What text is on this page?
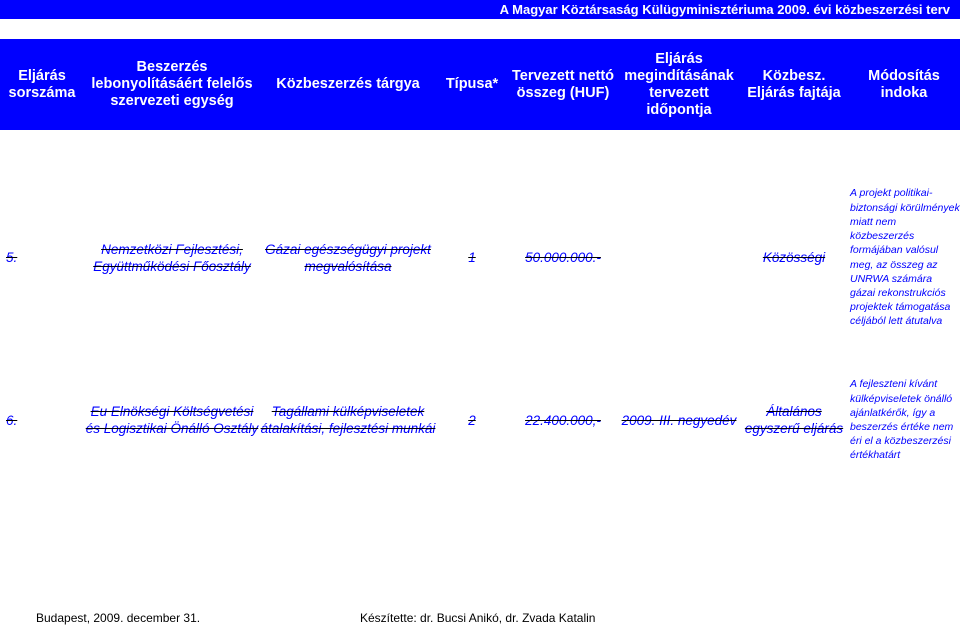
A Magyar Köztársaság Külügyminisztériuma 2009. évi közbeszerzési terv
Eljárás sorszáma	Beszerzés lebonyolításáért felelős szervezeti egység	Közbeszerzés tárgya	Típusa*	Tervezett nettó összeg (HUF)	Eljárás megindításának tervezett időpontja	Közbesz. Eljárás fajtája	Módosítás indoka

5.	Nemzetközi Fejlesztési, Együttműködési Főosztály	Gázai egészségügyi projekt megvalósítása	1	50.000.000.-		Közösségi	A projekt politikai-biztonsági körülmények miatt nem közbeszerzés formájában valósul meg, az összeg az UNRWA számára gázai rekonstrukciós projektek támogatása céljából lett átutalva
6.	Eu Elnökségi Költségvetési és Logisztikai Önálló Osztály	Tagállami külképviseletek átalakítási, fejlesztési munkái	2	22.400.000,-	2009. III. negyedév	Általános egyszerű eljárás	A fejleszteni kívánt külképviseletek önálló ajánlatkérők, így a beszerzés értéke nem éri el a közbeszerzési értékhatárt
Budapest, 2009. december 31.	Készítette: dr. Bucsi Anikó, dr. Zvada Katalin
